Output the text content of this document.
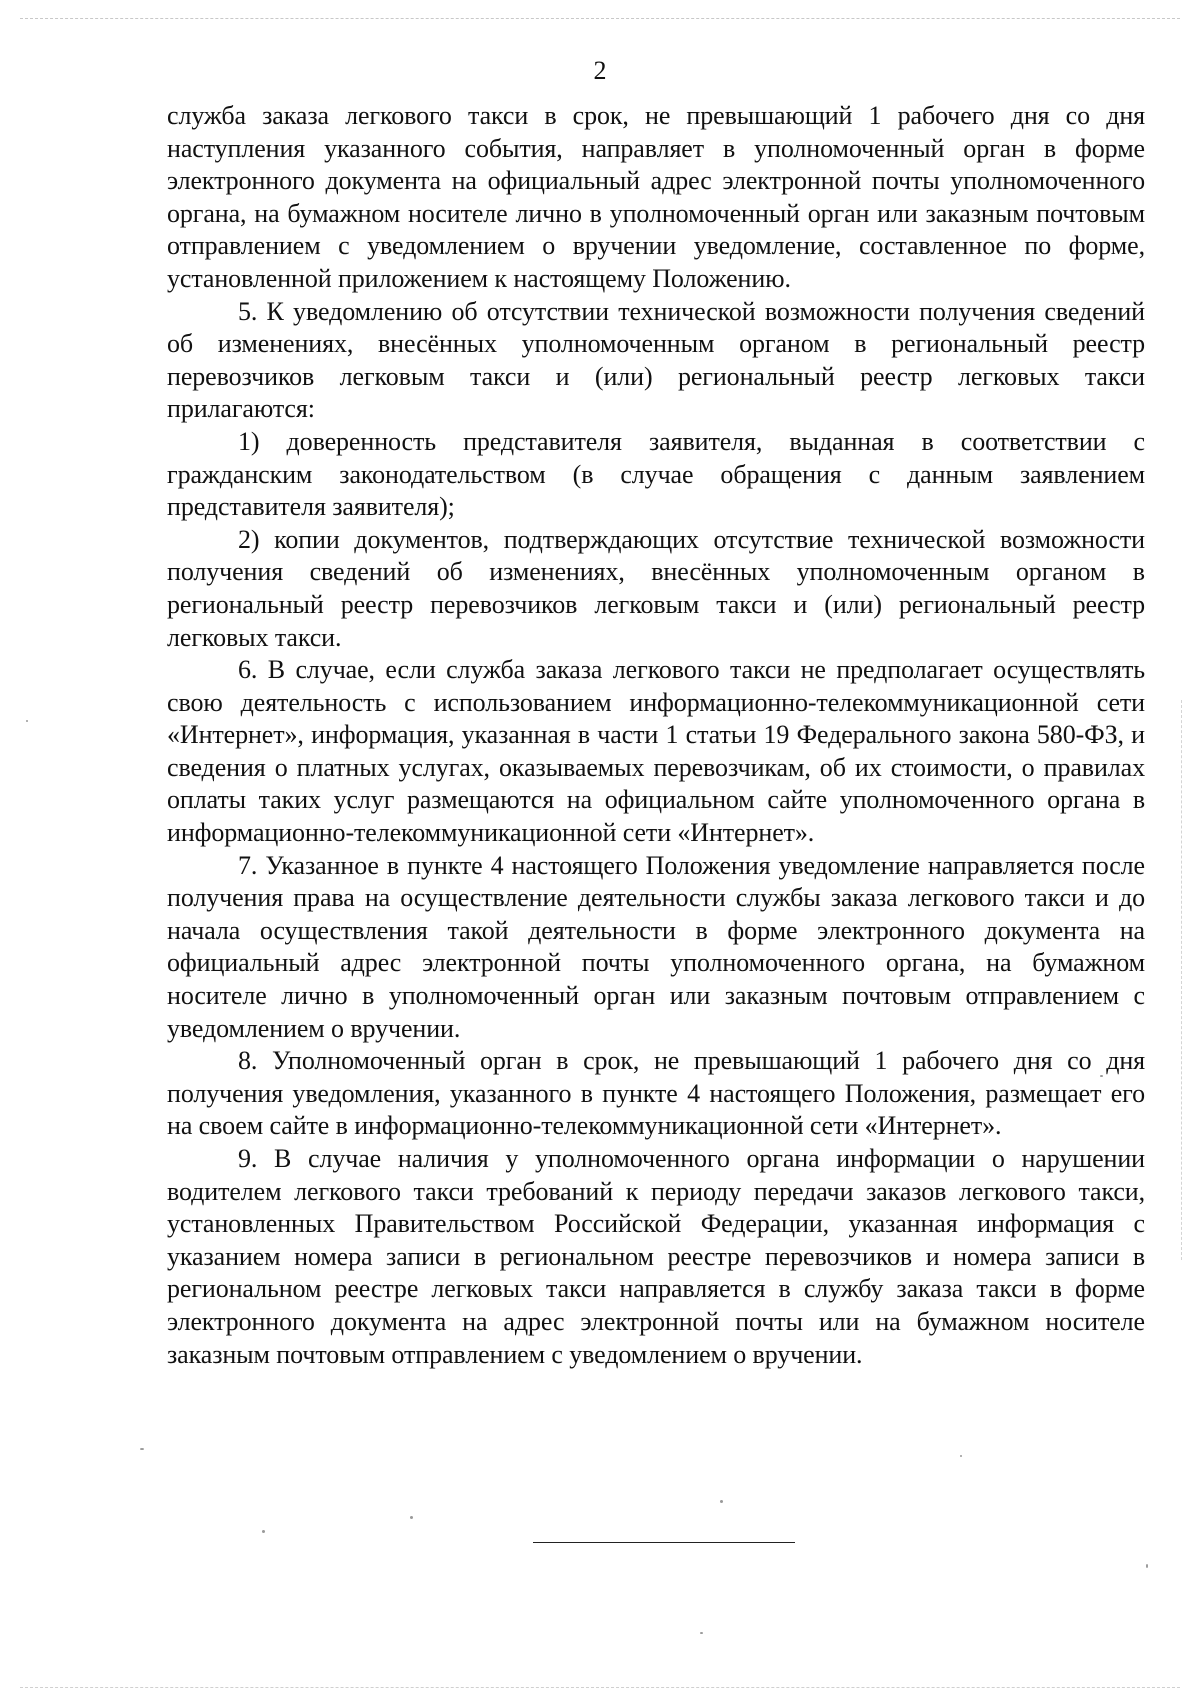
2

служба заказа легкового такси в срок, не превышающий 1 рабочего дня со дня наступления указанного события, направляет в уполномоченный орган в форме электронного документа на официальный адрес электронной почты уполномоченного органа, на бумажном носителе лично в уполномоченный орган или заказным почтовым отправлением с уведомлением о вручении уведомление, составленное по форме, установленной приложением к настоящему Положению.

5. К уведомлению об отсутствии технической возможности получения сведений об изменениях, внесённых уполномоченным органом в региональный реестр перевозчиков легковым такси и (или) региональный реестр легковых такси прилагаются:

1) доверенность представителя заявителя, выданная в соответствии с гражданским законодательством (в случае обращения с данным заявлением представителя заявителя);

2) копии документов, подтверждающих отсутствие технической возможности получения сведений об изменениях, внесённых уполномоченным органом в региональный реестр перевозчиков легковым такси и (или) региональный реестр легковых такси.

6. В случае, если служба заказа легкового такси не предполагает осуществлять свою деятельность с использованием информационно-телекоммуникационной сети «Интернет», информация, указанная в части 1 статьи 19 Федерального закона 580-ФЗ, и сведения о платных услугах, оказываемых перевозчикам, об их стоимости, о правилах оплаты таких услуг размещаются на официальном сайте уполномоченного органа в информационно-телекоммуникационной сети «Интернет».

7. Указанное в пункте 4 настоящего Положения уведомление направляется после получения права на осуществление деятельности службы заказа легкового такси и до начала осуществления такой деятельности в форме электронного документа на официальный адрес электронной почты уполномоченного органа, на бумажном носителе лично в уполномоченный орган или заказным почтовым отправлением с уведомлением о вручении.

8. Уполномоченный орган в срок, не превышающий 1 рабочего дня со дня получения уведомления, указанного в пункте 4 настоящего Положения, размещает его на своем сайте в информационно-телекоммуникационной сети «Интернет».

9. В случае наличия у уполномоченного органа информации о нарушении водителем легкового такси требований к периоду передачи заказов легкового такси, установленных Правительством Российской Федерации, указанная информация с указанием номера записи в региональном реестре перевозчиков и номера записи в региональном реестре легковых такси направляется в службу заказа такси в форме электронного документа на адрес электронной почты или на бумажном носителе заказным почтовым отправлением с уведомлением о вручении.
